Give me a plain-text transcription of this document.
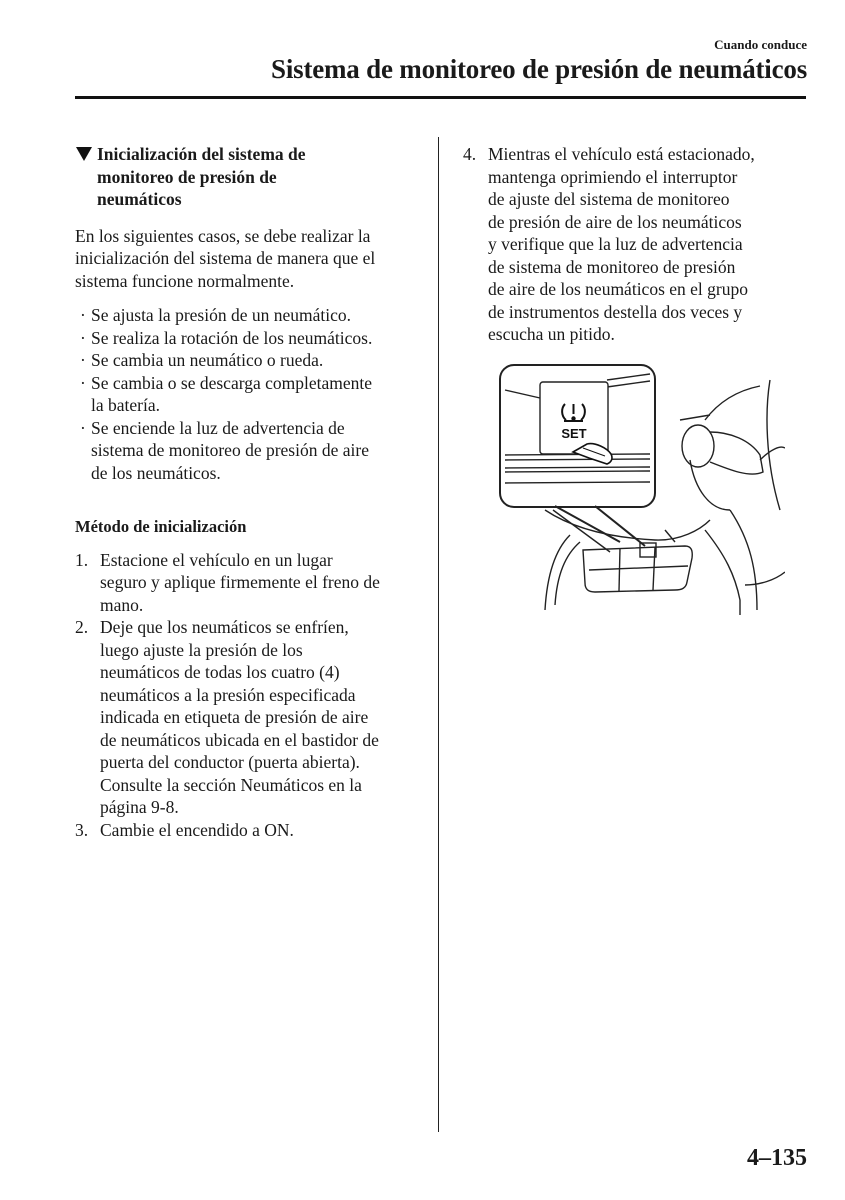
Cuando conduce
Sistema de monitoreo de presión de neumáticos
Inicialización del sistema de
monitoreo de presión de
neumáticos
En los siguientes casos, se debe realizar la
inicialización del sistema de manera que el
sistema funcione normalmente.
· Se ajusta la presión de un neumático.
· Se realiza la rotación de los neumáticos.
· Se cambia un neumático o rueda.
· Se cambia o se descarga completamente
la batería.
· Se enciende la luz de advertencia de
sistema de monitoreo de presión de aire
de los neumáticos.
Método de inicialización
1. Estacione el vehículo en un lugar
seguro y aplique firmemente el freno de
mano.
2. Deje que los neumáticos se enfríen,
luego ajuste la presión de los
neumáticos de todas los cuatro (4)
neumáticos a la presión especificada
indicada en etiqueta de presión de aire
de neumáticos ubicada en el bastidor de
puerta del conductor (puerta abierta).
Consulte la sección Neumáticos en la
página 9-8.
3. Cambie el encendido a ON.
4. Mientras el vehículo está estacionado,
mantenga oprimiendo el interruptor
de ajuste del sistema de monitoreo
de presión de aire de los neumáticos
y verifique que la luz de advertencia
de sistema de monitoreo de presión
de aire de los neumáticos en el grupo
de instrumentos destella dos veces y
escucha un pitido.
SET
4–135
